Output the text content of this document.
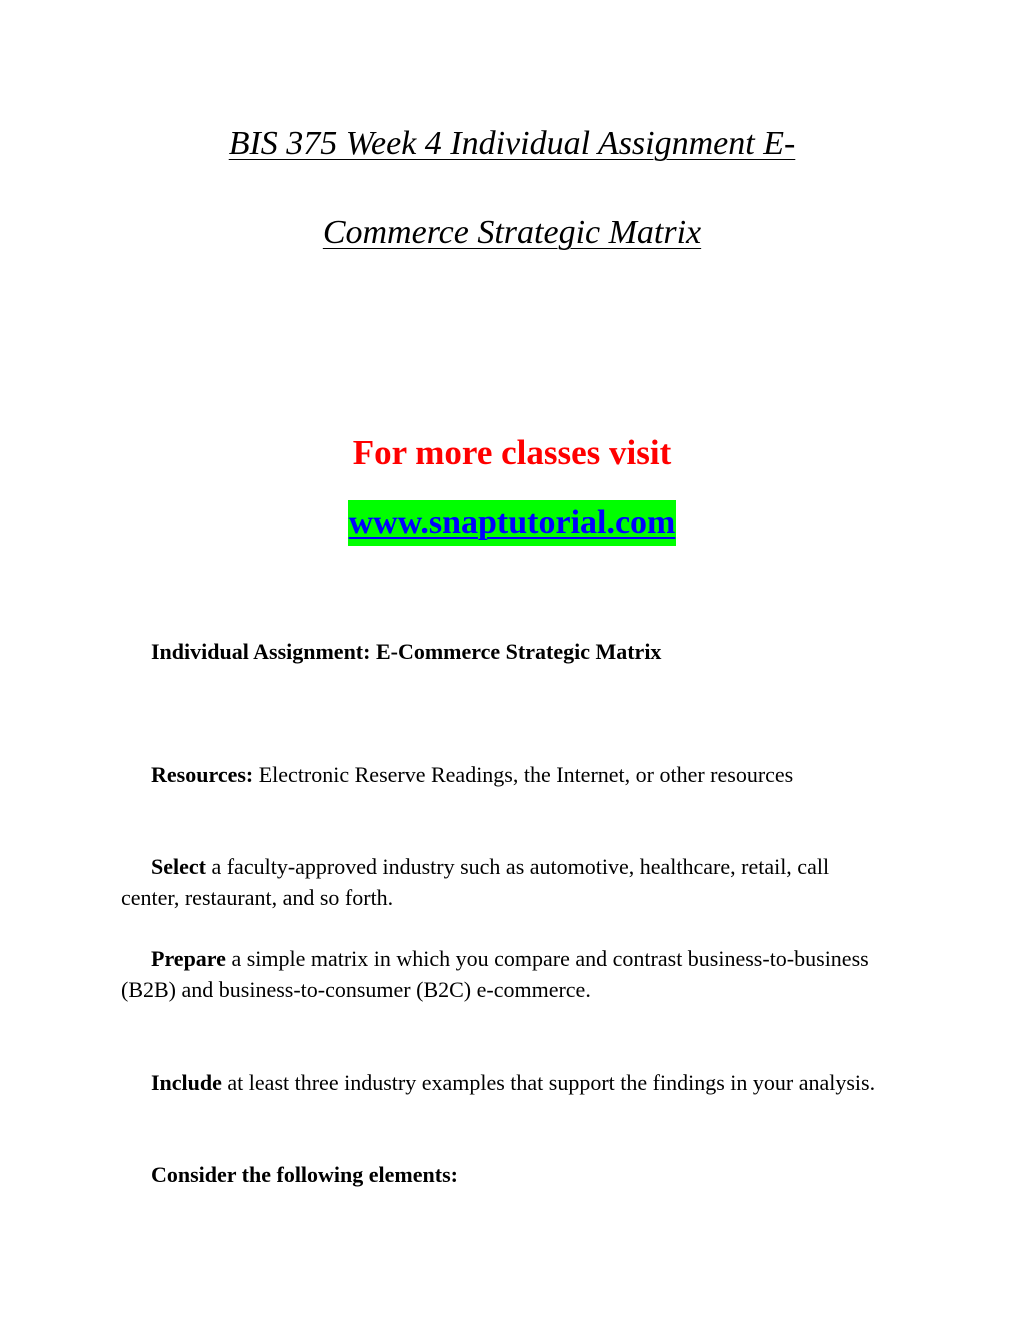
BIS 375 Week 4 Individual Assignment E-
Commerce Strategic Matrix

For more classes visit

www.snaptutorial.com

Individual Assignment: E-Commerce Strategic Matrix

Resources: Electronic Reserve Readings, the Internet, or other resources

Select a faculty-approved industry such as automotive, healthcare, retail, call center, restaurant, and so forth.

Prepare a simple matrix in which you compare and contrast business-to-business (B2B) and business-to-consumer (B2C) e-commerce.

Include at least three industry examples that support the findings in your analysis.

Consider the following elements:
